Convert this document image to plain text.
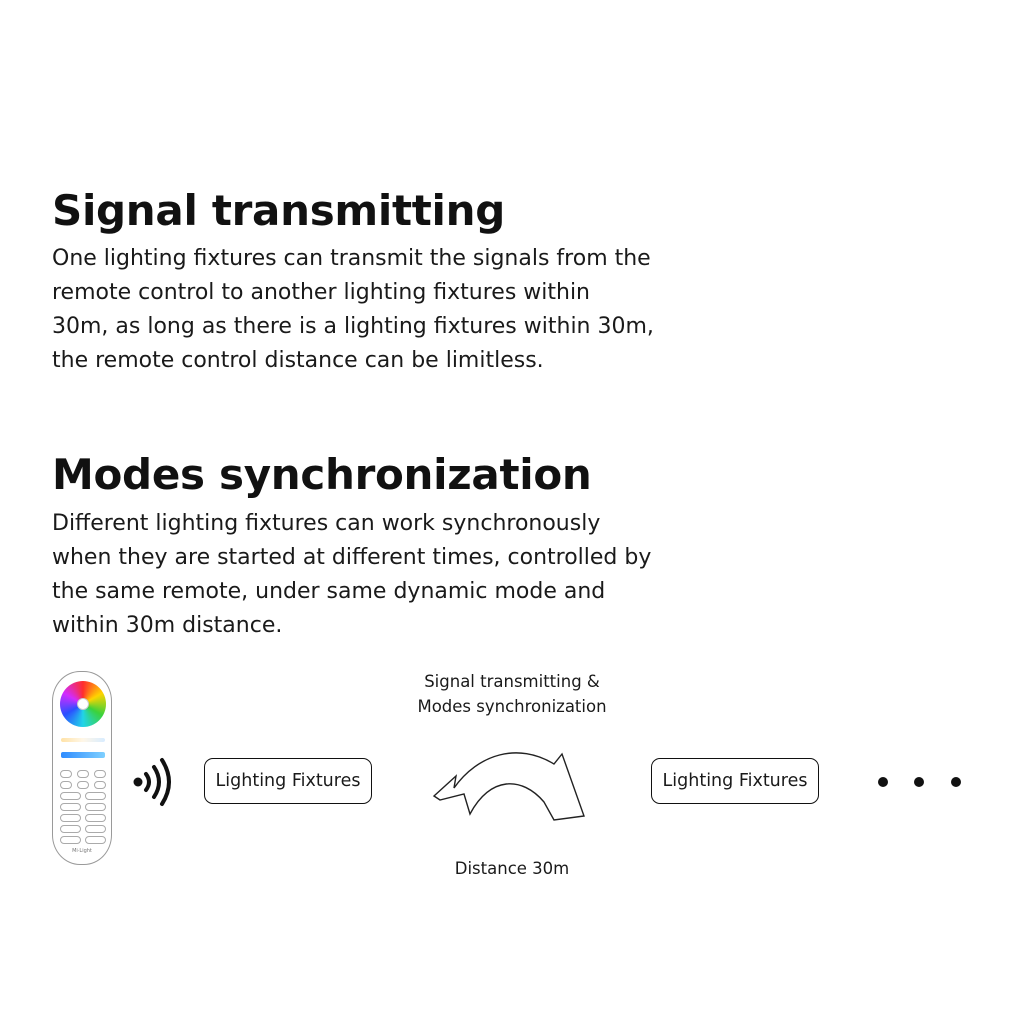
Signal transmitting
One lighting fixtures can transmit the signals from the
remote control to another lighting fixtures within
30m, as long as there is a lighting fixtures within 30m,
the remote control distance can be limitless.
Modes synchronization
Different lighting fixtures can work synchronously
when they are started at different times, controlled by
the same remote, under same dynamic mode and
within 30m distance.
Mi·Light
Lighting Fixtures
Signal transmitting &
Modes synchronization
Distance 30m
Lighting Fixtures
